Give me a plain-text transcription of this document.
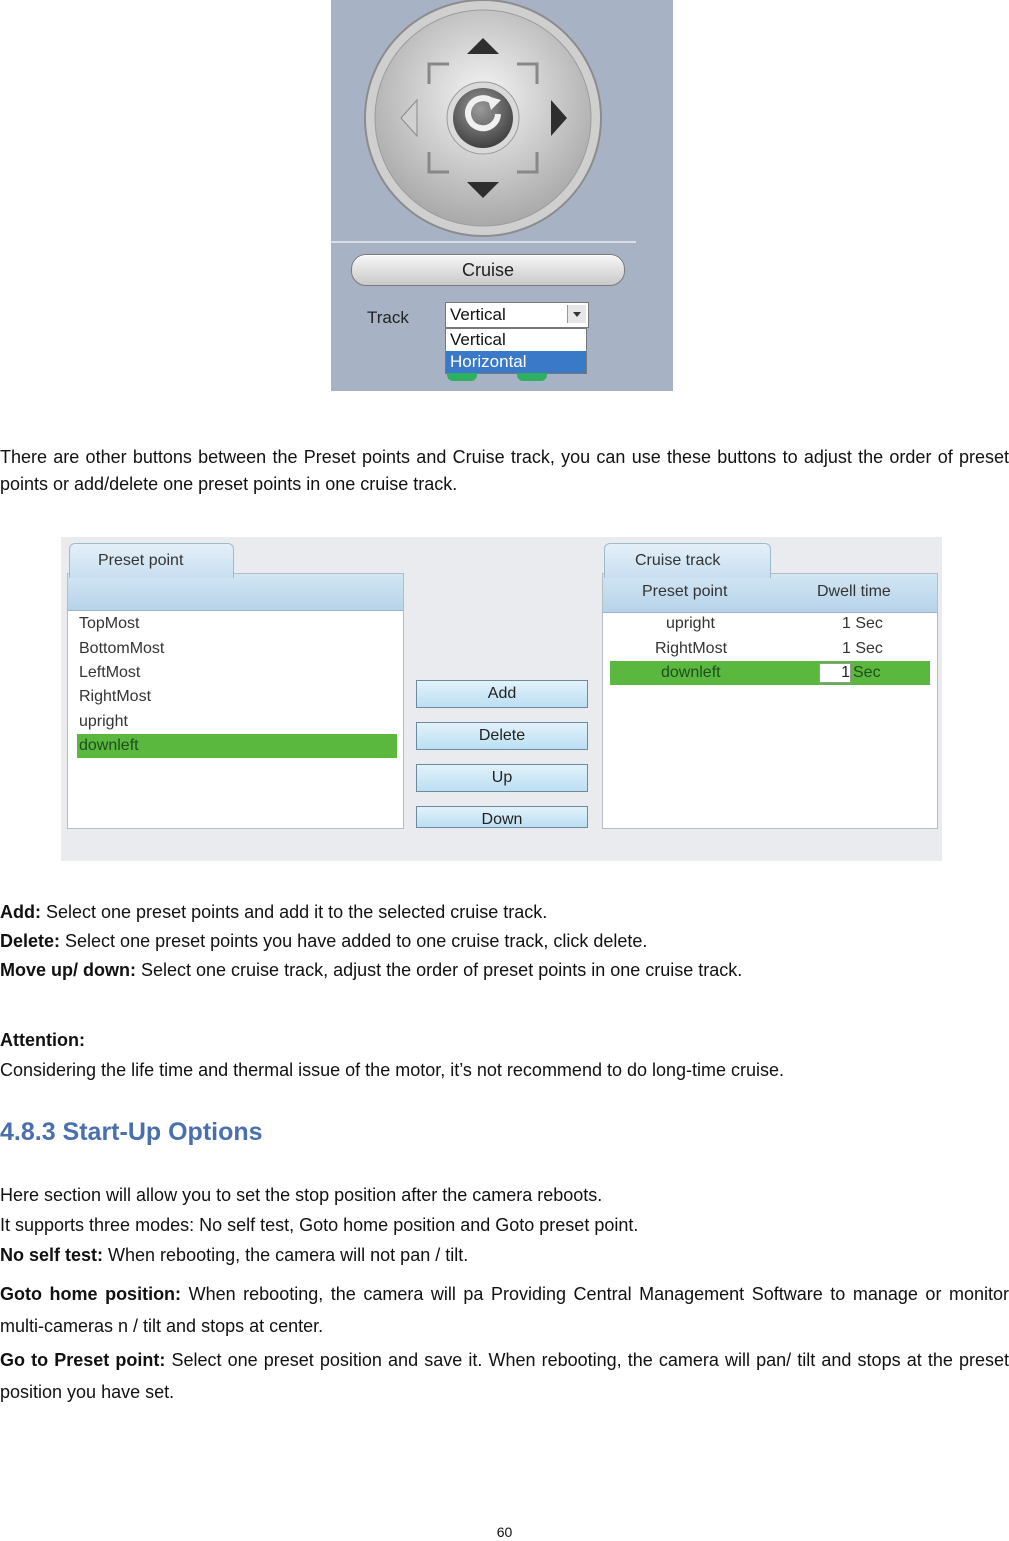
Cruise
Track Vertical
Vertical
Horizontal
There are other buttons between the Preset points and Cruise track, you can use these buttons to adjust the order of preset points or add/delete one preset points in one cruise track.
Preset point
TopMost
BottomMost
LeftMost
RightMost
upright
downleft
Add
Delete
Up
Down
Cruise track
Preset point	Dwell time
upright	1 Sec
RightMost	1 Sec
downleft	1 Sec
Add: Select one preset points and add it to the selected cruise track.
Delete: Select one preset points you have added to one cruise track, click delete.
Move up/ down: Select one cruise track, adjust the order of preset points in one cruise track.
Attention:
Considering the life time and thermal issue of the motor, it’s not recommend to do long-time cruise.
4.8.3 Start-Up Options
Here section will allow you to set the stop position after the camera reboots.
It supports three modes: No self test, Goto home position and Goto preset point.
No self test: When rebooting, the camera will not pan / tilt.
Goto home position: When rebooting, the camera will pa Providing Central Management Software to manage or monitor multi-cameras n / tilt and stops at center.
Go to Preset point: Select one preset position and save it. When rebooting, the camera will pan/ tilt and stops at the preset position you have set.
60
